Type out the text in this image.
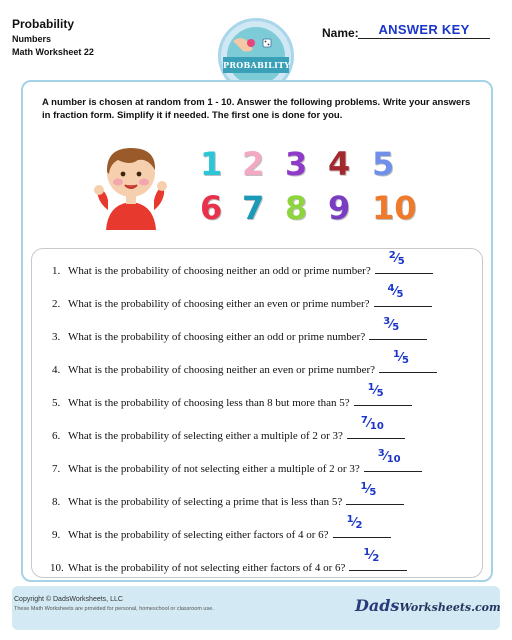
Probability
Numbers
Math Worksheet 22
PROBABILITY
Name:	ANSWER KEY
A number is chosen at random from 1 - 10. Answer the following problems. Write your answers in fraction form. Simplify it if needed. The first one is done for you.
1 2 3 4 5
6 7 8 9 10
1. What is the probability of choosing neither an odd or prime number?
2⁄5
2. What is the probability of choosing either an even or prime number?
4⁄5
3. What is the probability of choosing either an odd or prime number?
3⁄5
4. What is the probability of choosing neither an even or prime number?
1⁄5
5. What is the probability of choosing less than 8 but more than 5?
1⁄5
6. What is the probability of selecting either a multiple of 2 or 3?
7⁄10
7. What is the probability of not selecting either a multiple of 2 or 3?
3⁄10
8. What is the probability of selecting a prime that is less than 5?
1⁄5
9. What is the probability of selecting either factors of 4 or 6?
1⁄2
10. What is the probability of not selecting either factors of 4 or 6?
1⁄2
Copyright © DadsWorksheets, LLC
These Math Worksheets are provided for personal, homeschool or classroom use.	DadsWorksheets.com
